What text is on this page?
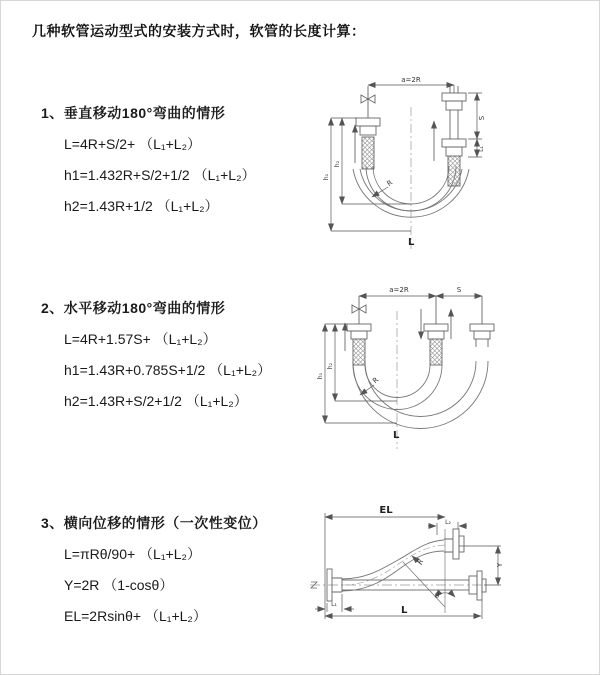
几种软管运动型式的安装方式时，软管的长度计算：
1、垂直移动180°弯曲的情形
L=4R+S/2+ （L₁+L₂）
h1=1.432R+S/2+1/2 （L₁+L₂）
h2=1.43R+1/2 （L₁+L₂）
2、水平移动180°弯曲的情形
L=4R+1.57S+ （L₁+L₂）
h1=1.43R+0.785S+1/2 （L₁+L₂）
h2=1.43R+S/2+1/2 （L₁+L₂）
3、横向位移的情形（一次性变位）
L=πRθ/90+ （L₁+L₂）
Y=2R （1-cosθ）
EL=2Rsinθ+ （L₁+L₂）
a=2R
S
L₁
h₁
h₂
R
L
a=2R	S
h₁
h₂
R
L
EL
L₂
Y
R
θ
L₁
L
